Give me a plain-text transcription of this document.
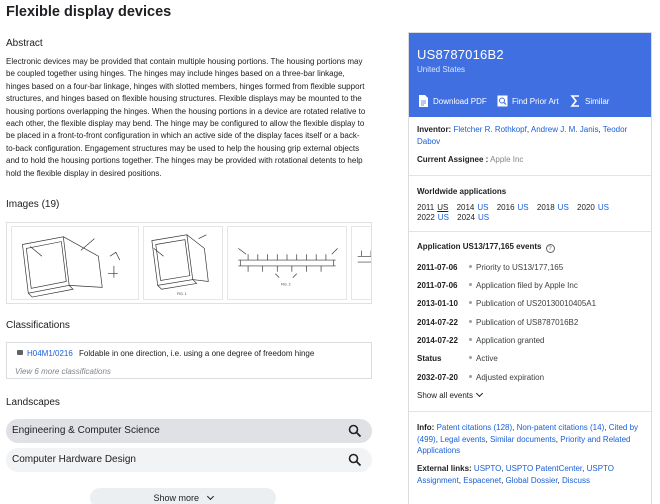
Flexible display devices
Abstract
Electronic devices may be provided that contain multiple housing portions. The housing portions may be coupled together using hinges. The hinges may include hinges based on a three-bar linkage, hinges based on a four-bar linkage, hinges with slotted members, hinges formed from flexible support structures, and hinges based on flexible housing structures. Flexible displays may be mounted to the housing portions overlapping the hinges. When the housing portions in a device are rotated relative to each other, the flexible display may bend. The hinge may be configured to allow the flexible display to be placed in a front-to-front configuration in which an active side of the display faces itself or a back-to-back configuration. Engagement structures may be used to help the housing grip external objects and to hold the housing portions together. The hinges may be provided with rotational detents to help hold the flexible display in desired positions.
Images (19)
FIG. 1
FIG. 2
Classifications
H04M1/0216 Foldable in one direction, i.e. using a one degree of freedom hinge
View 6 more classifications
Landscapes
Engineering & Computer Science
Computer Hardware Design
Show more
US8787016B2
United States
Download PDF	Find Prior Art	Similar
Inventor: Fletcher R. Rothkopf, Andrew J. M. Janis, Teodor Dabov
Current Assignee : Apple Inc
Worldwide applications
2011 US 2014 US 2016 US 2018 US 2020 US 2022 US 2024 US
Application US13/177,165 events ?
2011-07-06 Priority to US13/177,165
2011-07-06 Application filed by Apple Inc
2013-01-10 Publication of US20130010405A1
2014-07-22 Publication of US8787016B2
2014-07-22 Application granted
Status	Active
2032-07-20 Adjusted expiration
Show all events
Info: Patent citations (128), Non-patent citations (14), Cited by (499), Legal events, Similar documents, Priority and Related Applications
External links: USPTO, USPTO PatentCenter, USPTO Assignment, Espacenet, Global Dossier, Discuss
